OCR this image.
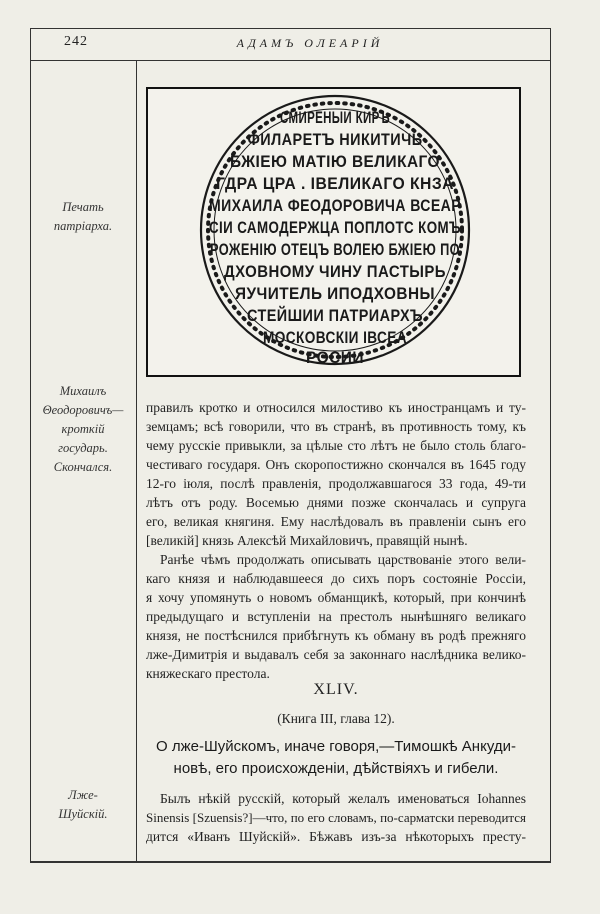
242	АДАМЪ ОЛЕАРІЙ
Печать
патріарха.
Михаилъ
Θеодоровичъ—
кроткій
государь.
Скончался.
Лже-
Шуйскій.
СМИРЕНЫИ КИРЪ
ФИЛАРЕТЪ НИКИТИЧЬ
БЖІЕЮ МАТІЮ ВЕЛИКАГО
ГДРА ЦРА . ІВЕЛИКАГО КНЗА
МИХАИЛА ФЕОДОРОВИЧА ВСЕАР
СІИ САМОДЕРЖЦА ПОПЛОТС КОМЪ
РОЖЕНІЮ ОТЕЦЪ ВОЛЕЮ БЖІЕЮ ПО
ДХОВНОМУ ЧИНУ ПАСТЫРЬ
ЯУЧИТЕЛЬ ИПОДХОВНЫ
СТЕЙШИИ ПАТРИАРХЪ
МОСКОВСКІИ ІВСЕА
РОСИИ
правилъ кротко и относился милостиво къ иностранцамъ и ту-
земцамъ; всѣ говорили, что въ странѣ, въ противность тому, къ
чему русскіе привыкли, за цѣлые сто лѣтъ не было столь благо-
честиваго государя. Онъ скоропостижно скончался въ 1645 году
12-го іюля, послѣ правленія, продолжавшагося 33 года, 49-ти
лѣтъ отъ роду. Восемью днями позже скончалась и супруга
его, великая княгиня. Ему наслѣдовалъ въ правленіи сынъ его
[великій] князь Алексѣй Михайловичъ, правящій нынѣ.
Ранѣе чѣмъ продолжать описывать царствованіе этого вели-
каго князя и наблюдавшееся до сихъ поръ состояніе Россіи,
я хочу упомянуть о новомъ обманщикѣ, который, при кончинѣ
предыдущаго и вступленіи на престолъ нынѣшняго великаго
князя, не постѣснился прибѣгнуть къ обману въ родѣ прежняго
лже-Димитрія и выдавалъ себя за законнаго наслѣдника велико-
княжескаго престола.
XLIV.
(Книга III, глава 12).
О лже-Шуйскомъ, иначе говоря,—Тимошкѣ Анкуди-
новѣ, его происхожденіи, дѣйствіяхъ и гибели.
Былъ нѣкій русскій, который желалъ именоваться Iohannes
Sinensis [Szuensis?]—что, по его словамъ, по-сарматски переводится
дится «Иванъ Шуйскій». Бѣжавъ изъ-за нѣкоторыхъ престу-
